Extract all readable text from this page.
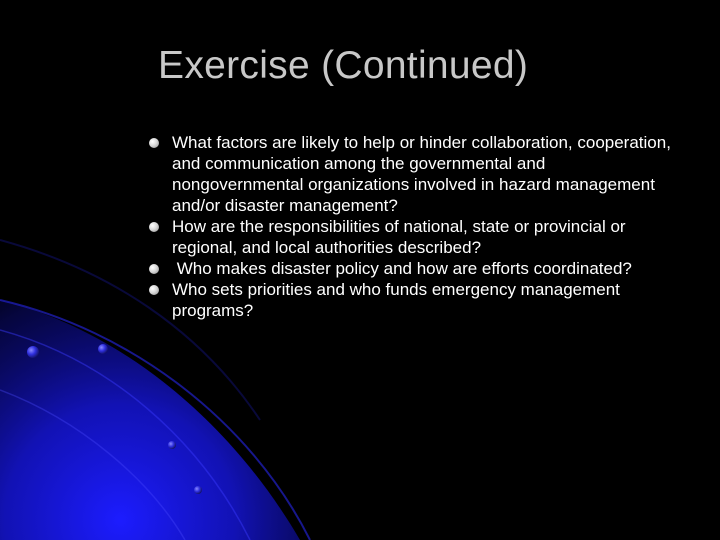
Exercise (Continued)
What factors are likely to help or hinder collaboration, cooperation, and communication among the governmental and nongovernmental organizations involved in hazard management and/or disaster management?
How are the responsibilities of national, state or provincial or regional, and local authorities described?
Who makes disaster policy and how are efforts coordinated?
Who sets priorities and who funds emergency management programs?
